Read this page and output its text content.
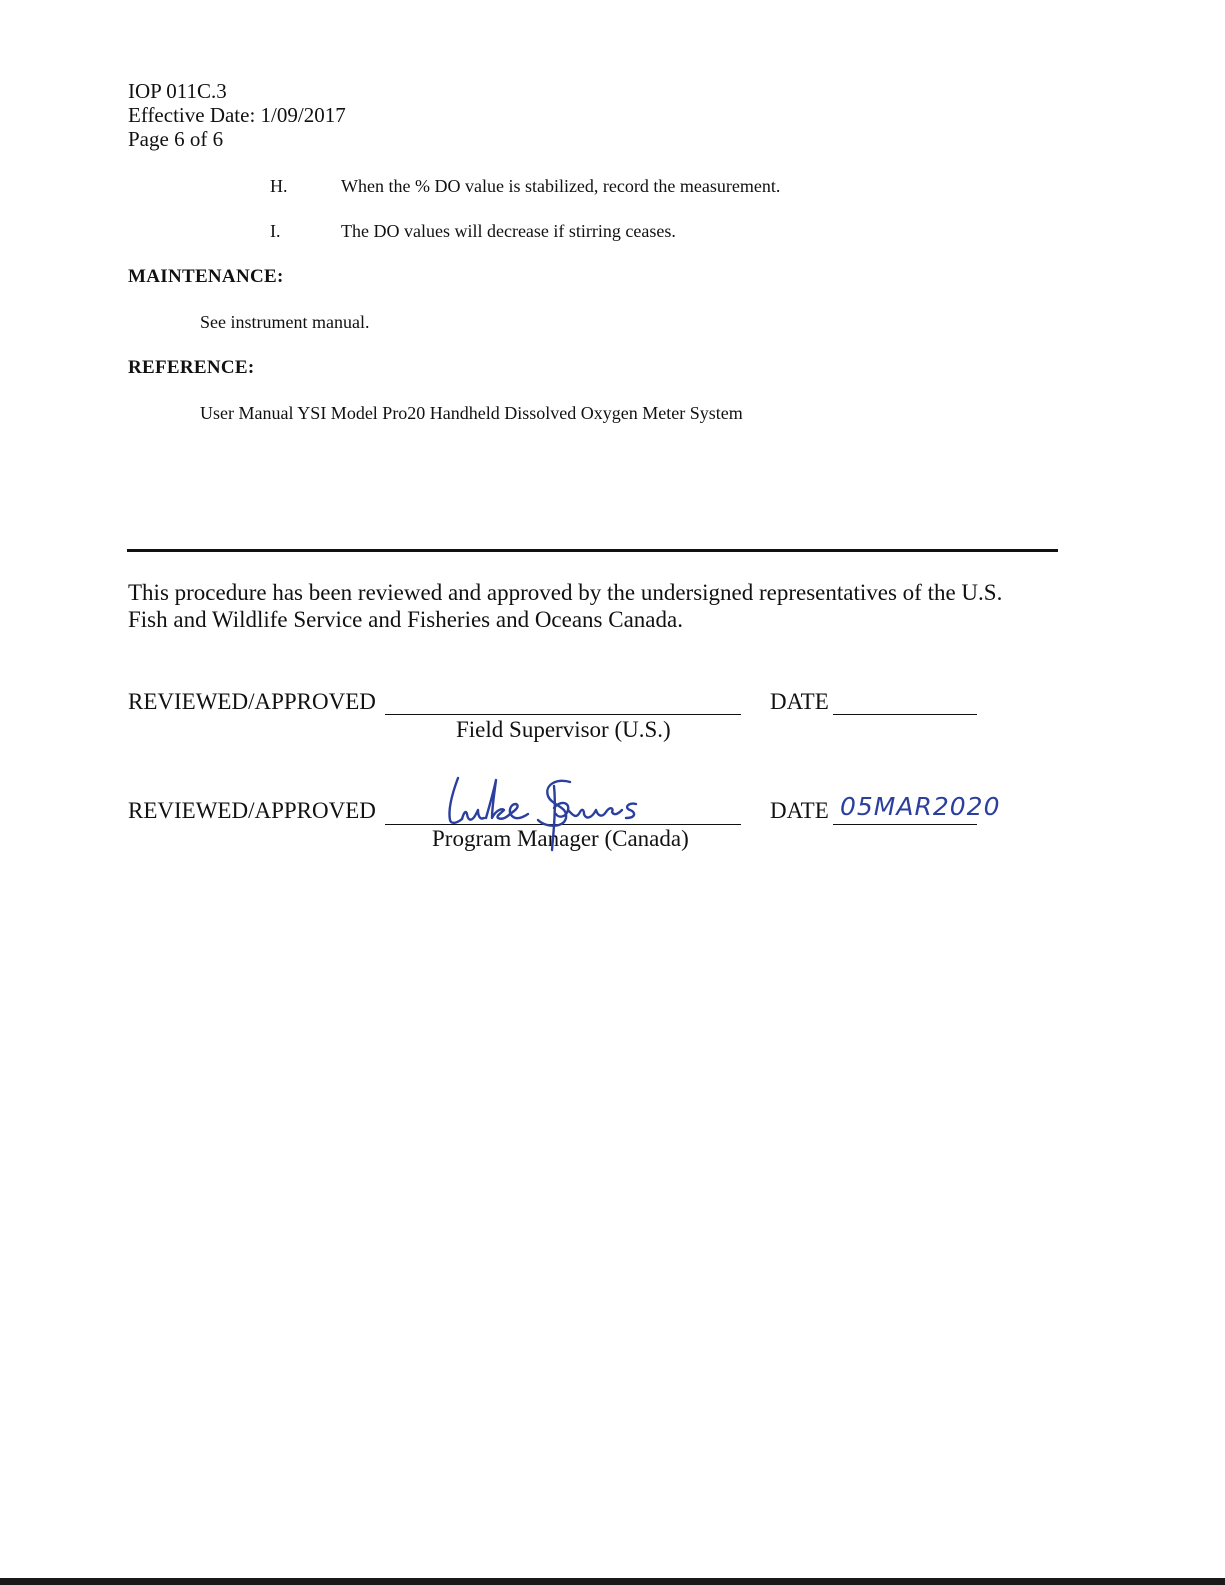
IOP 011C.3
Effective Date: 1/09/2017
Page 6 of 6
H.	When the % DO value is stabilized, record the measurement.
I.	The DO values will decrease if stirring ceases.
MAINTENANCE:
See instrument manual.
REFERENCE:
User Manual YSI Model Pro20 Handheld Dissolved Oxygen Meter System
This procedure has been reviewed and approved by the undersigned representatives of the U.S.
Fish and Wildlife Service and Fisheries and Oceans Canada.
REVIEWED/APPROVED
Field Supervisor (U.S.)
DATE
REVIEWED/APPROVED
Program Manager (Canada)
DATE 05MAR2020
